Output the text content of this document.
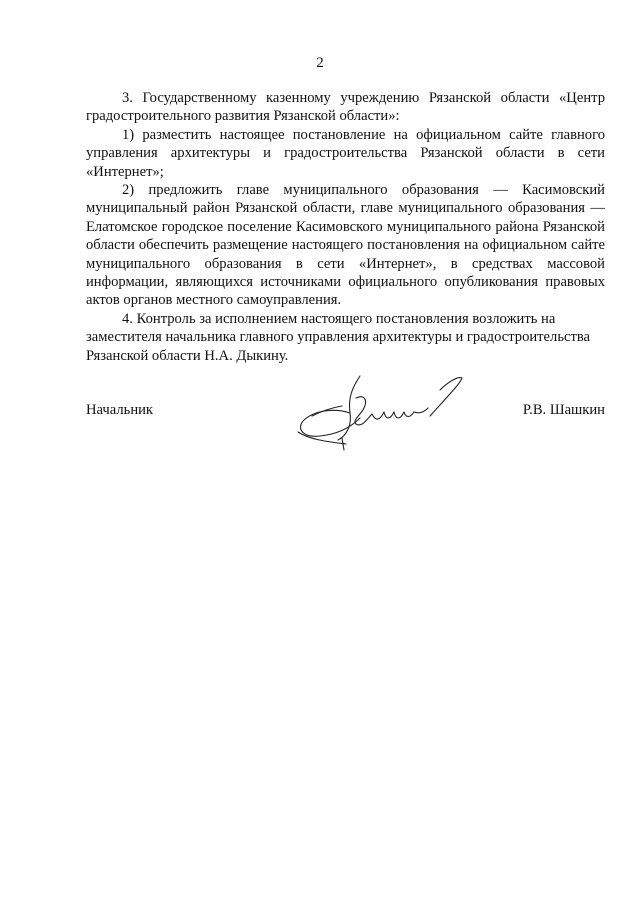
2

3. Государственному казенному учреждению Рязанской области «Центр градостроительного развития Рязанской области»:

1) разместить настоящее постановление на официальном сайте главного управления архитектуры и градостроительства Рязанской области в сети «Интернет»;

2) предложить главе муниципального образования — Касимовский муниципальный район Рязанской области, главе муниципального образования — Елатомское городское поселение Касимовского муниципального района Рязанской области обеспечить размещение настоящего постановления на официальном сайте муниципального образования в сети «Интернет», в средствах массовой информации, являющихся источниками официального опубликования правовых актов органов местного самоуправления.

4. Контроль за исполнением настоящего постановления возложить на заместителя начальника главного управления архитектуры и градостроительства Рязанской области Н.А. Дыкину.

Начальник	Р.В. Шашкин
